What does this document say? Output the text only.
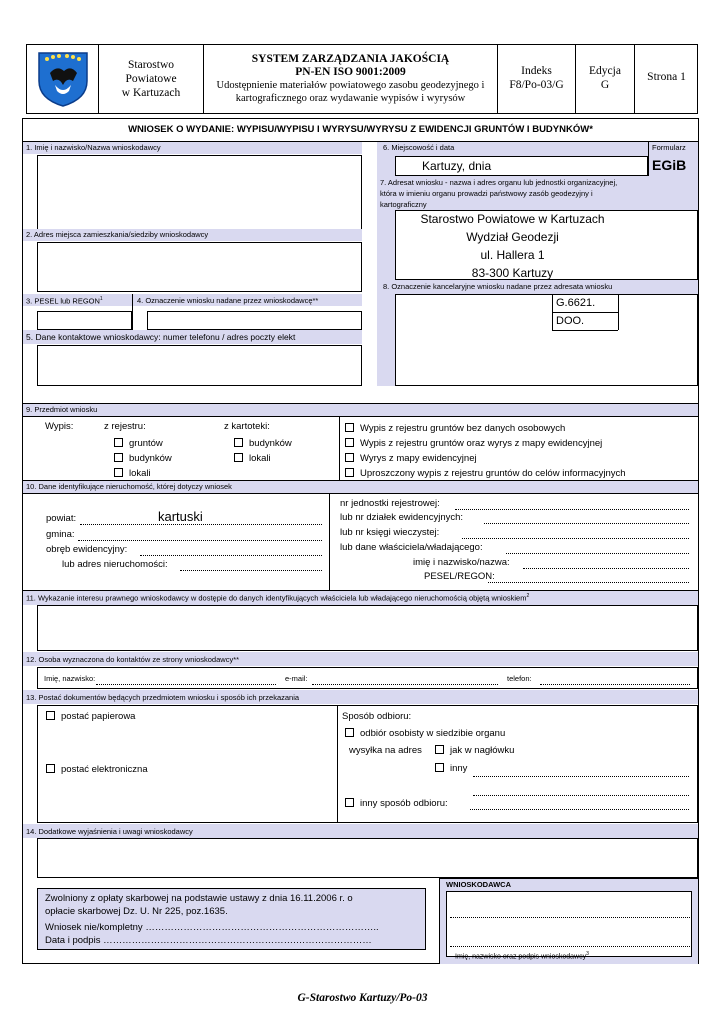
Starostwo
Powiatowe
w Kartuzach
SYSTEM ZARZĄDZANIA JAKOŚCIĄ
PN-EN ISO 9001:2009
Udostępnienie materiałów powiatowego zasobu geodezyjnego i
kartograficznego oraz wydawanie wypisów i wyrysów
Indeks
F8/Po-03/G
Edycja
G
Strona 1
WNIOSEK O WYDANIE: WYPISU/WYPISU I WYRYSU/WYRYSU Z EWIDENCJI GRUNTÓW I BUDYNKÓW*
1. Imię i nazwisko/Nazwa wnioskodawcy
2. Adres miejsca zamieszkania/siedziby wnioskodawcy
3. PESEL lub REGON$^1$	4. Oznaczenie wniosku nadane przez wnioskodawcę**
5. Dane kontaktowe wnioskodawcy: numer telefonu / adres poczty elekt
6. Miejscowość i data	Formularz
Kartuzy, dnia	EGiB
7. Adresat wniosku - nazwa i adres organu lub jednostki organizacyjnej,
która w imieniu organu prowadzi państwowy zasób geodezyjny i
kartograficzny
Starostwo Powiatowe w Kartuzach
Wydział Geodezji
ul. Hallera 1
83-300 Kartuzy
8. Oznaczenie kancelaryjne wniosku nadane przez adresata wniosku
G.6621.
DOO.
9. Przedmiot wniosku
Wypis:	z rejestru:	z kartoteki:
gruntów
budynków
lokali
budynków
lokali
Wypis z rejestru gruntów bez danych osobowych
Wypis z rejestru gruntów oraz wyrys z mapy ewidencyjnej
Wyrys z mapy ewidencyjnej
Uproszczony wypis z rejestru gruntów do celów informacyjnych
10. Dane identyfikujące nieruchomość, której dotyczy wniosek
powiat:	kartuski
gmina:
obręb ewidencyjny:
lub adres nieruchomości:
nr jednostki rejestrowej:
lub nr działek ewidencyjnych:
lub nr księgi wieczystej:
lub dane właściciela/władającego:
imię i nazwisko/nazwa:
PESEL/REGON:
11. Wykazanie interesu prawnego wnioskodawcy w dostępie do danych identyfikujących właściciela lub władającego nieruchomością objętą wnioskiem$^2$
12. Osoba wyznaczona do kontaktów ze strony wnioskodawcy**
Imię, nazwisko:	e-mail:	telefon:
13. Postać dokumentów będących przedmiotem wniosku i sposób ich przekazania
postać papierowa
postać elektroniczna
Sposób odbioru:
odbiór osobisty w siedzibie organu
wysyłka na adres	jak w nagłówku
inny
inny sposób odbioru:
14. Dodatkowe wyjaśnienia i uwagi wnioskodawcy
Zwolniony z opłaty skarbowej na podstawie ustawy z dnia 16.11.2006 r. o
opłacie skarbowej Dz. U. Nr 225, poz.1635.
Wniosek nie/kompletny ………………………………………………………………..
Data i podpis …………………………………………………….……………………
WNIOSKODAWCA
Imię, nazwisko oraz podpis wnioskodawcy$^3$
G-Starostwo Kartuzy/Po-03
